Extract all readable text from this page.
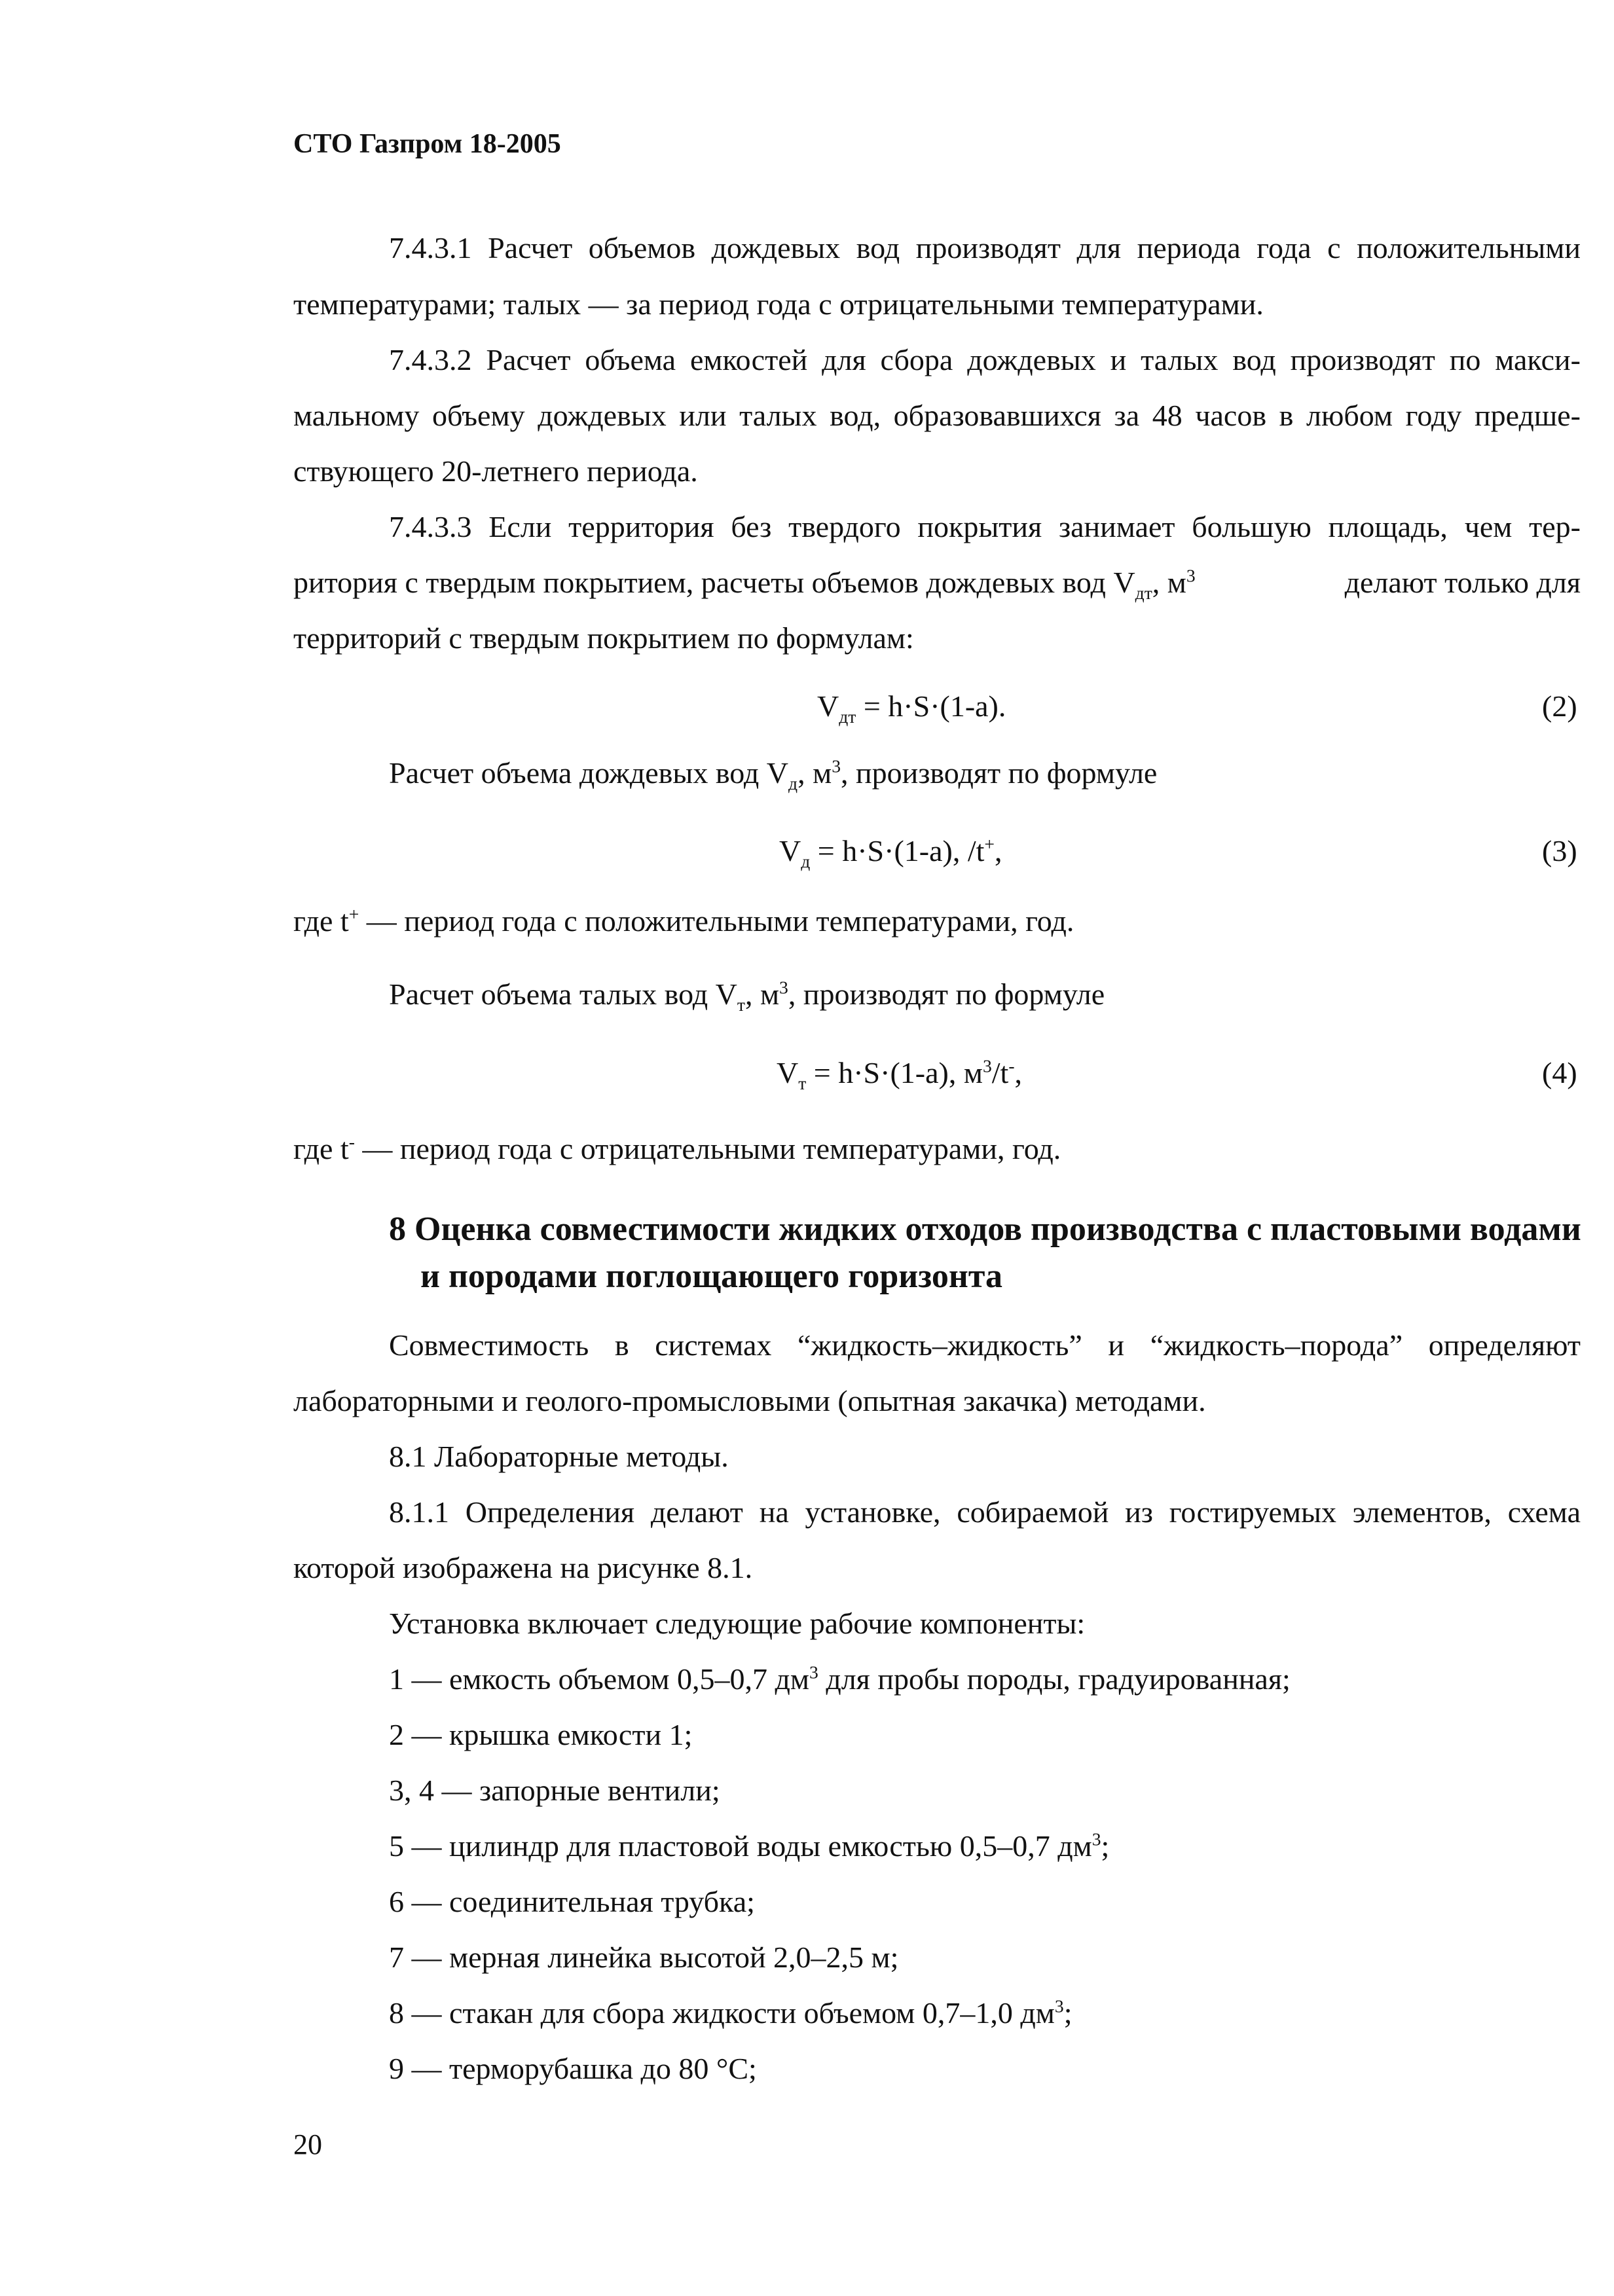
СТО Газпром 18-2005
7.4.3.1 Расчет объемов дождевых вод производят для периода года с положительными
температурами; талых — за период года с отрицательными температурами.
7.4.3.2 Расчет объема емкостей для сбора дождевых и талых вод производят по макси-
мальному объему дождевых или талых вод, образовавшихся за 48 часов в любом году предше-
ствующего 20-летнего периода.
7.4.3.3 Если территория без твердого покрытия занимает большую площадь, чем тер-
ритория с твердым покрытием, расчеты объемов дождевых вод $V_{дт}$, $м^3$	делают только для
территорий с твердым покрытием по формулам:
$V_{дт} = h\cdot S\cdot(1-a)$.	(2)
Расчет объема дождевых вод $V_д$, $м^3$, производят по формуле
$V_д = h\cdot S\cdot(1-a)$, /t+,	(3)
где t+ — период года с положительными температурами, год.
Расчет объема талых вод $V_т$, $м^3$, производят по формуле
$V_т = h\cdot S\cdot(1-a)$, $м^3/t^-$,	(4)
где t- — период года с отрицательными температурами, год.
8 Оценка совместимости жидких отходов производства с пластовыми водами
и породами поглощающего горизонта
Совместимость в системах “жидкость–жидкость” и “жидкость–порода” определяют
лабораторными и геолого-промысловыми (опытная закачка) методами.
8.1 Лабораторные методы.
8.1.1 Определения делают на установке, собираемой из гостируемых элементов, схема
которой изображена на рисунке 8.1.
Установка включает следующие рабочие компоненты:
1 — емкость объемом 0,5–0,7 $дм^3$ для пробы породы, градуированная;
2 — крышка емкости 1;
3, 4 — запорные вентили;
5 — цилиндр для пластовой воды емкостью 0,5–0,7 $дм^3$;
6 — соединительная трубка;
7 — мерная линейка высотой 2,0–2,5 м;
8 — стакан для сбора жидкости объемом 0,7–1,0 $дм^3$;
9 — терморубашка до 80 °C;
20
